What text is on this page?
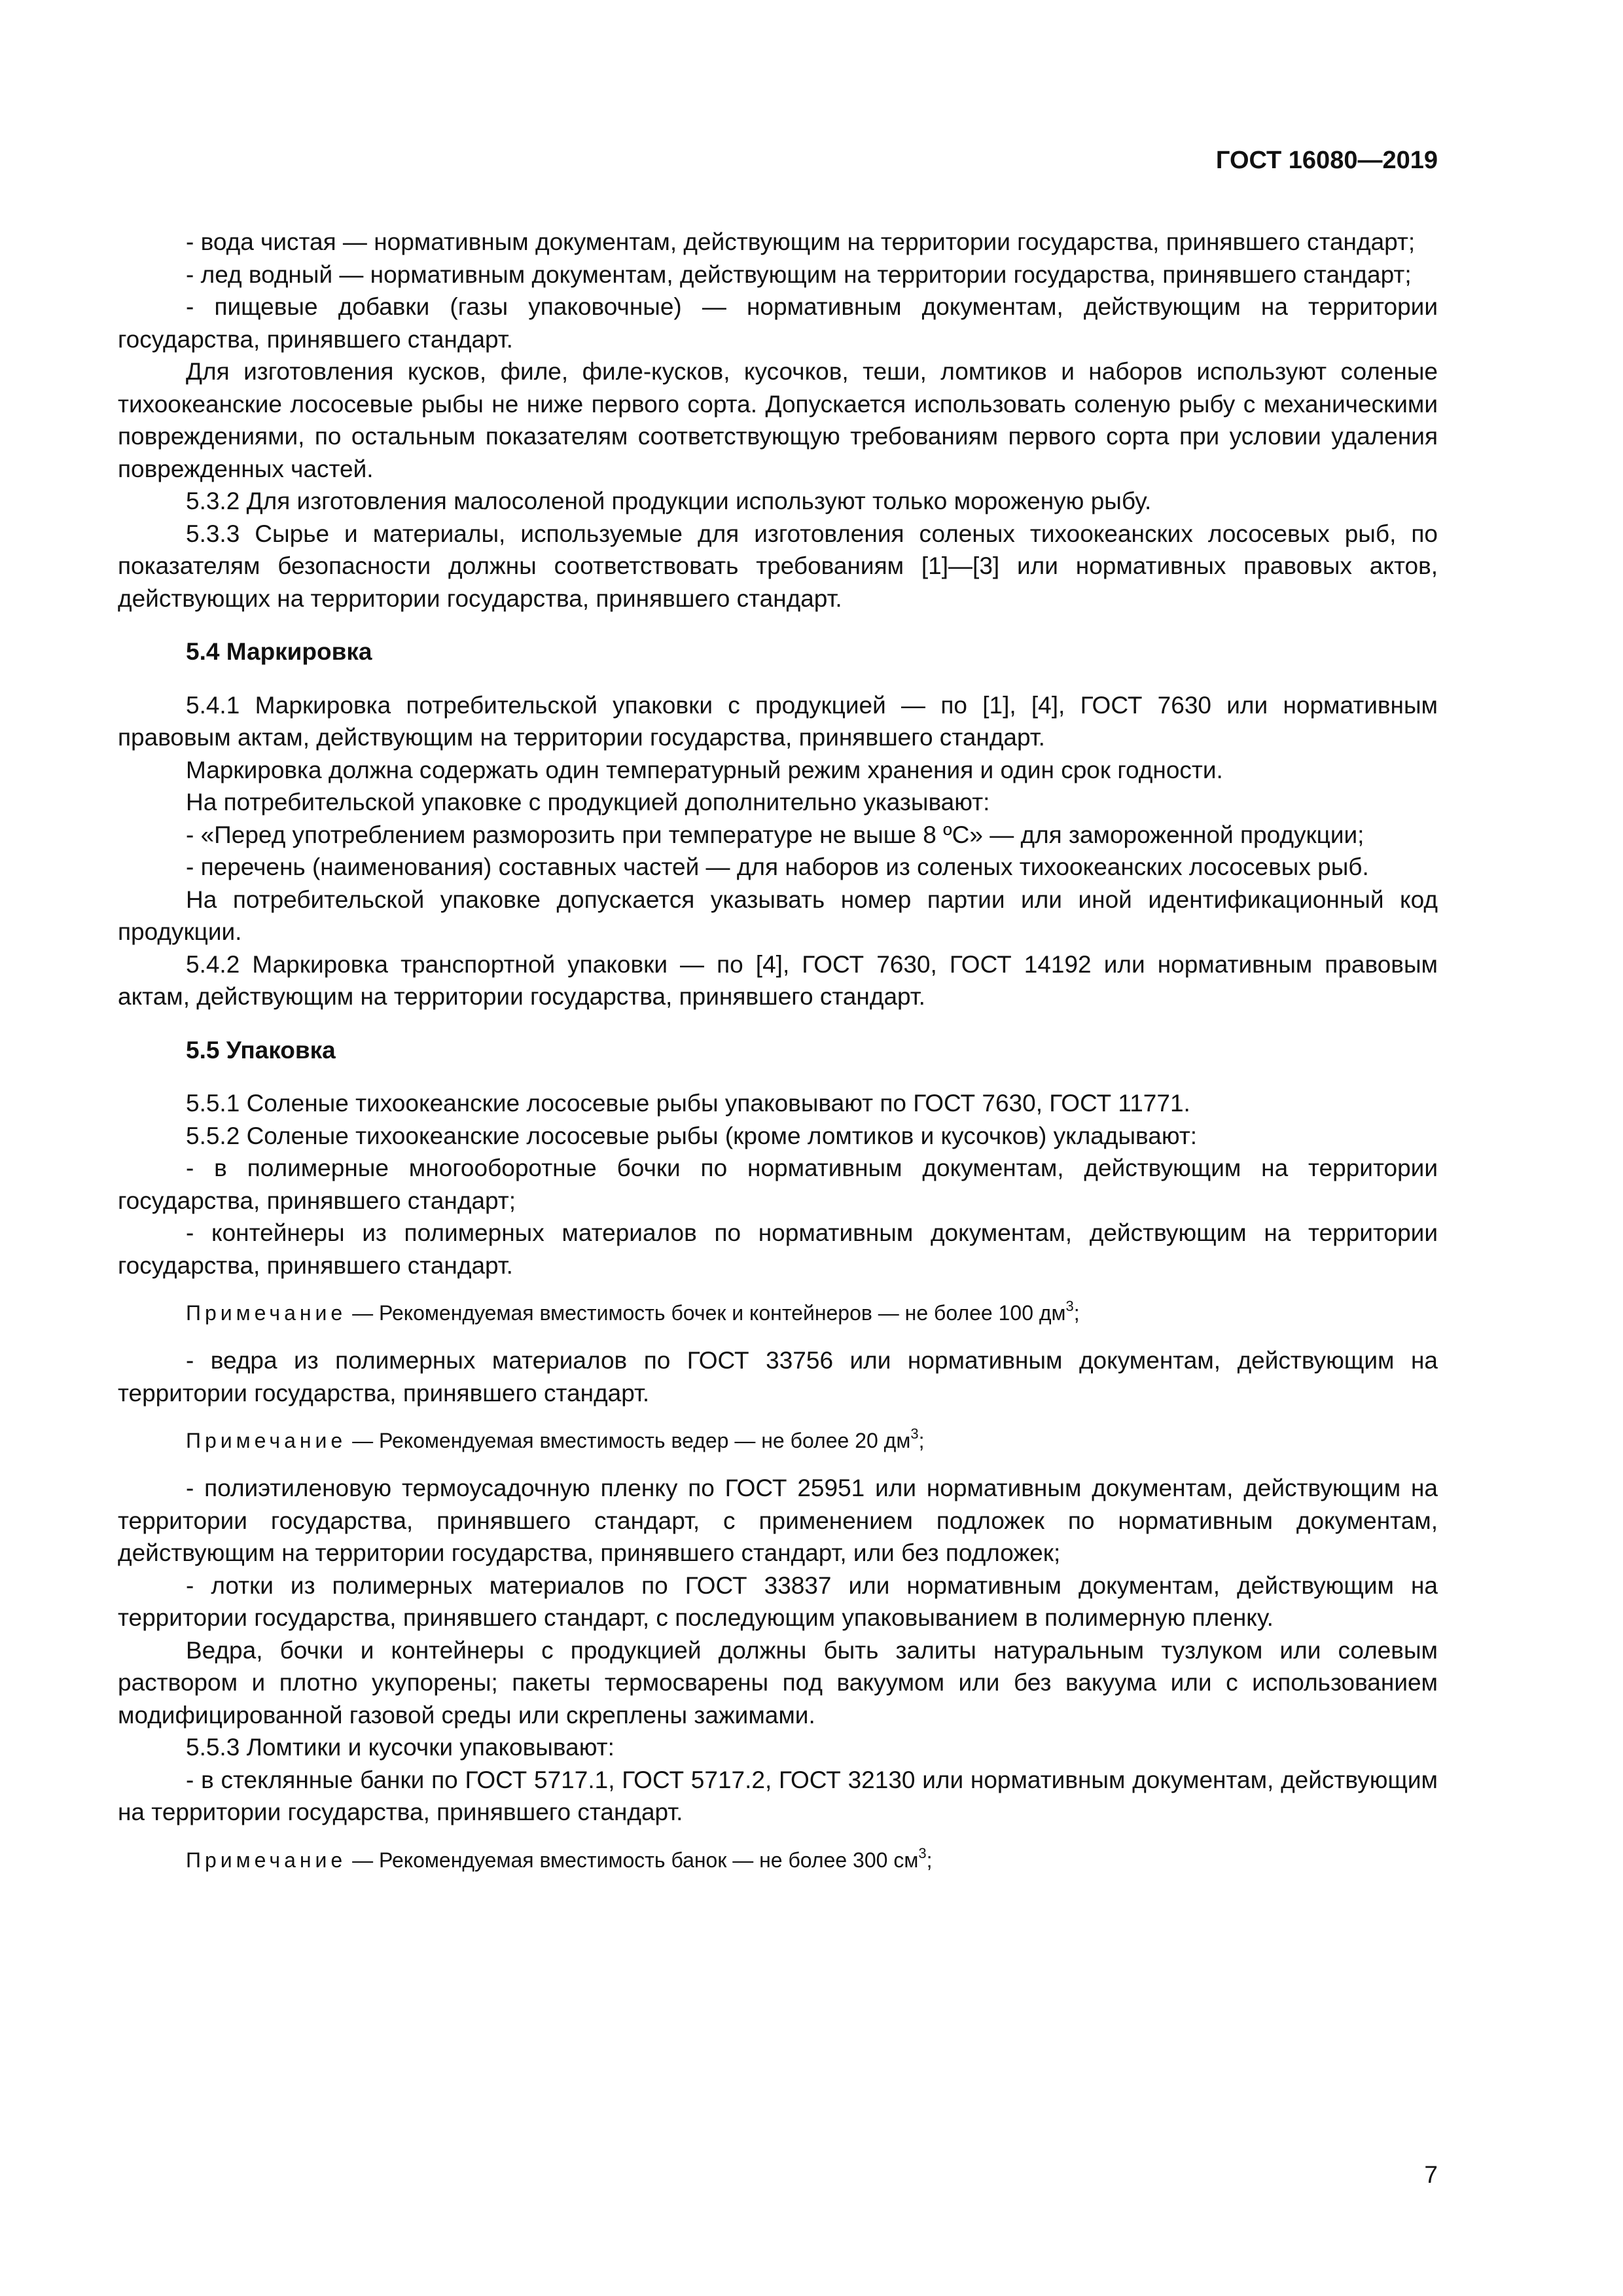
ГОСТ 16080—2019

- вода чистая — нормативным документам, действующим на территории государства, принявшего стандарт;

- лед водный — нормативным документам, действующим на территории государства, принявшего стандарт;

- пищевые добавки (газы упаковочные) — нормативным документам, действующим на территории государства, принявшего стандарт.

Для изготовления кусков, филе, филе-кусков, кусочков, теши, ломтиков и наборов используют соленые тихоокеанские лососевые рыбы не ниже первого сорта. Допускается использовать соленую рыбу с механическими повреждениями, по остальным показателям соответствующую требованиям первого сорта при условии удаления поврежденных частей.

5.3.2 Для изготовления малосоленой продукции используют только мороженую рыбу.

5.3.3 Сырье и материалы, используемые для изготовления соленых тихоокеанских лососевых рыб, по показателям безопасности должны соответствовать требованиям [1]—[3] или нормативных правовых актов, действующих на территории государства, принявшего стандарт.

5.4 Маркировка

5.4.1 Маркировка потребительской упаковки с продукцией — по [1], [4], ГОСТ 7630 или нормативным правовым актам, действующим на территории государства, принявшего стандарт.

Маркировка должна содержать один температурный режим хранения и один срок годности.

На потребительской упаковке с продукцией дополнительно указывают:

- «Перед употреблением разморозить при температуре не выше 8 ºС» — для замороженной продукции;

- перечень (наименования) составных частей — для наборов из соленых тихоокеанских лососевых рыб.

На потребительской упаковке допускается указывать номер партии или иной идентификационный код продукции.

5.4.2 Маркировка транспортной упаковки — по [4], ГОСТ 7630, ГОСТ 14192 или нормативным правовым актам, действующим на территории государства, принявшего стандарт.

5.5 Упаковка

5.5.1 Соленые тихоокеанские лососевые рыбы упаковывают по ГОСТ 7630, ГОСТ 11771.

5.5.2 Соленые тихоокеанские лососевые рыбы (кроме ломтиков и кусочков) укладывают:

- в полимерные многооборотные бочки по нормативным документам, действующим на территории государства, принявшего стандарт;

- контейнеры из полимерных материалов по нормативным документам, действующим на территории государства, принявшего стандарт.

Примечание — Рекомендуемая вместимость бочек и контейнеров — не более 100 $дм^3$;

- ведра из полимерных материалов по ГОСТ 33756 или нормативным документам, действующим на территории государства, принявшего стандарт.

Примечание — Рекомендуемая вместимость ведер — не более 20 $дм^3$;

- полиэтиленовую термоусадочную пленку по ГОСТ 25951 или нормативным документам, действующим на территории государства, принявшего стандарт, с применением подложек по нормативным документам, действующим на территории государства, принявшего стандарт, или без подложек;

- лотки из полимерных материалов по ГОСТ 33837 или нормативным документам, действующим на территории государства, принявшего стандарт, с последующим упаковыванием в полимерную пленку.

Ведра, бочки и контейнеры с продукцией должны быть залиты натуральным тузлуком или солевым раствором и плотно укупорены; пакеты термосварены под вакуумом или без вакуума или с использованием модифицированной газовой среды или скреплены зажимами.

5.5.3 Ломтики и кусочки упаковывают:

- в стеклянные банки по ГОСТ 5717.1, ГОСТ 5717.2, ГОСТ 32130 или нормативным документам, действующим на территории государства, принявшего стандарт.

Примечание — Рекомендуемая вместимость банок — не более 300 $см^3$;

7
